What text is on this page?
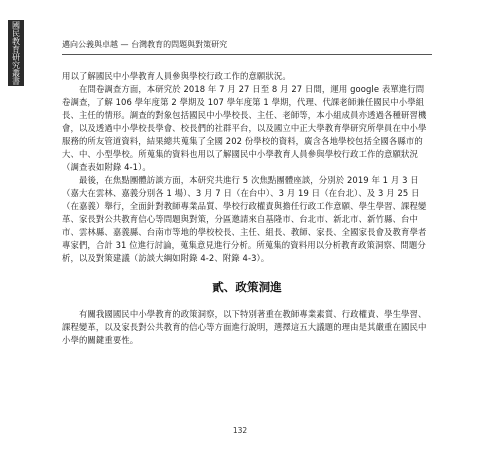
國民教育研究叢書	邁向公義與卓越 — 台灣教育的問題與對策研究

用以了解國民中小學教育人員參與學校行政工作的意願狀況。

在問卷調查方面，本研究於 2018 年 7 月 27 日至 8 月 27 日間，運用 google 表單進行問卷調查，了解 106 學年度第 2 學期及 107 學年度第 1 學期，代理、代課老師兼任國民中小學組長、主任的情形。調查的對象包括國民中小學校長、主任、老師等，本小組成員亦透過各種研習機會，以及透過中小學校長學會、校長們的社群平台，以及國立中正大學教育學研究所學員在中小學服務的所友管道資料，結果總共蒐集了全國 202 份學校的資料，廣含各地學校包括全國各縣市的大、中、小型學校。所蒐集的資料也用以了解國民中小學教育人員參與學校行政工作的意願狀況（調查表如附錄 4-1）。

最後，在焦點團體訪談方面，本研究共進行 5 次焦點團體座談，分別於 2019 年 1 月 3 日（嘉大在雲林、嘉義分別各 1 場）、3 月 7 日（在台中）、3 月 19 日（在台北）、及 3 月 25 日（在嘉義）舉行，全面針對教師專業品質、學校行政權責與擔任行政工作意願、學生學習、課程變革、家長對公共教育信心等問題與對策，分區邀請來自基隆市、台北市、新北市、新竹縣、台中市、雲林縣、嘉義縣、台南市等地的學校校長、主任、組長、教師、家長、全國家長會及教育學者專家們，合計 31 位進行討論，蒐集意見進行分析。所蒐集的資料用以分析教育政策洞察、問題分析，以及對策建議（訪談大綱如附錄 4-2、附錄 4-3）。

貳、政策洞進

有關我國國民中小學教育的政策洞察，以下特別著重在教師專業素質、行政權責、學生學習、課程變革，以及家長對公共教育的信心等方面進行說明，選擇這五大議題的理由是其嚴重在國民中小學的關鍵重要性。

132
